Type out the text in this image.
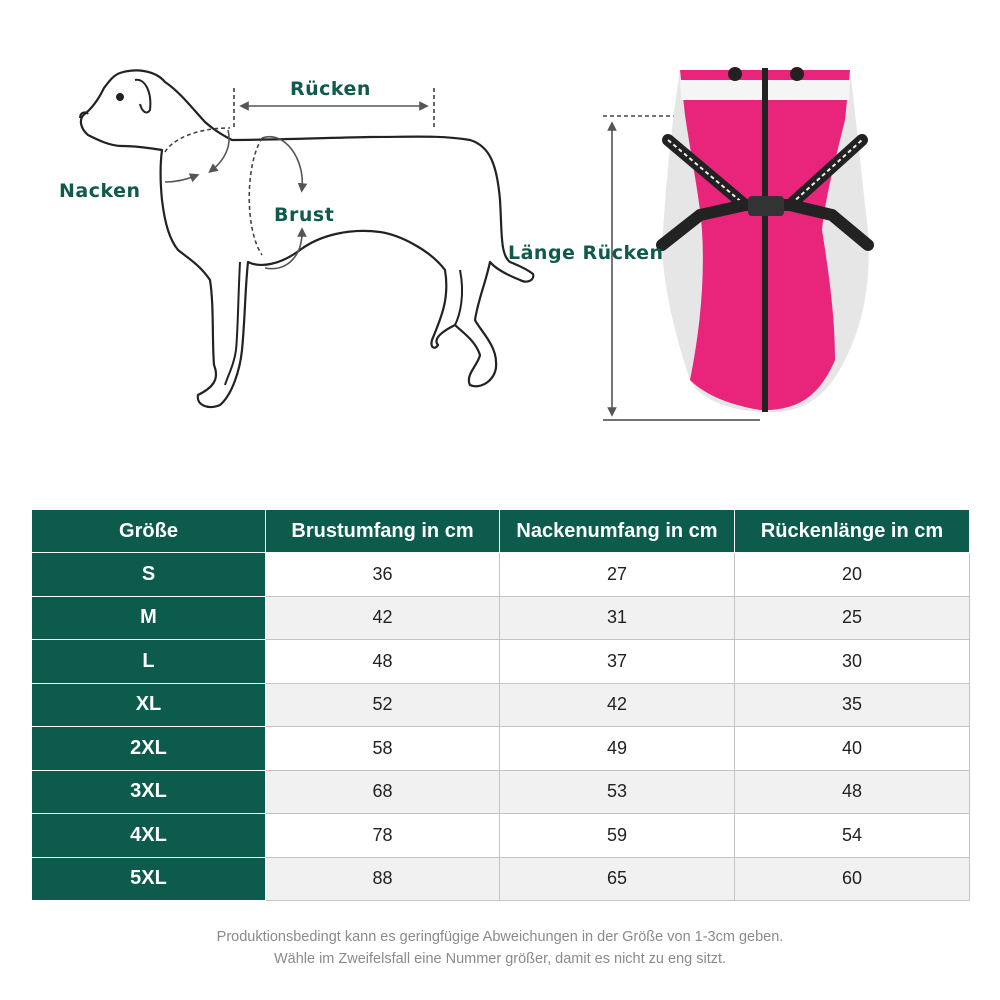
Rücken
Nacken
Brust
Länge Rücken
Größe	Brustumfang in cm	Nackenumfang in cm	Rückenlänge in cm
S	36	27	20
M	42	31	25
L	48	37	30
XL	52	42	35
2XL	58	49	40
3XL	68	53	48
4XL	78	59	54
5XL	88	65	60
Produktionsbedingt kann es geringfügige Abweichungen in der Größe von 1-3cm geben.
Wähle im Zweifelsfall eine Nummer größer, damit es nicht zu eng sitzt.
